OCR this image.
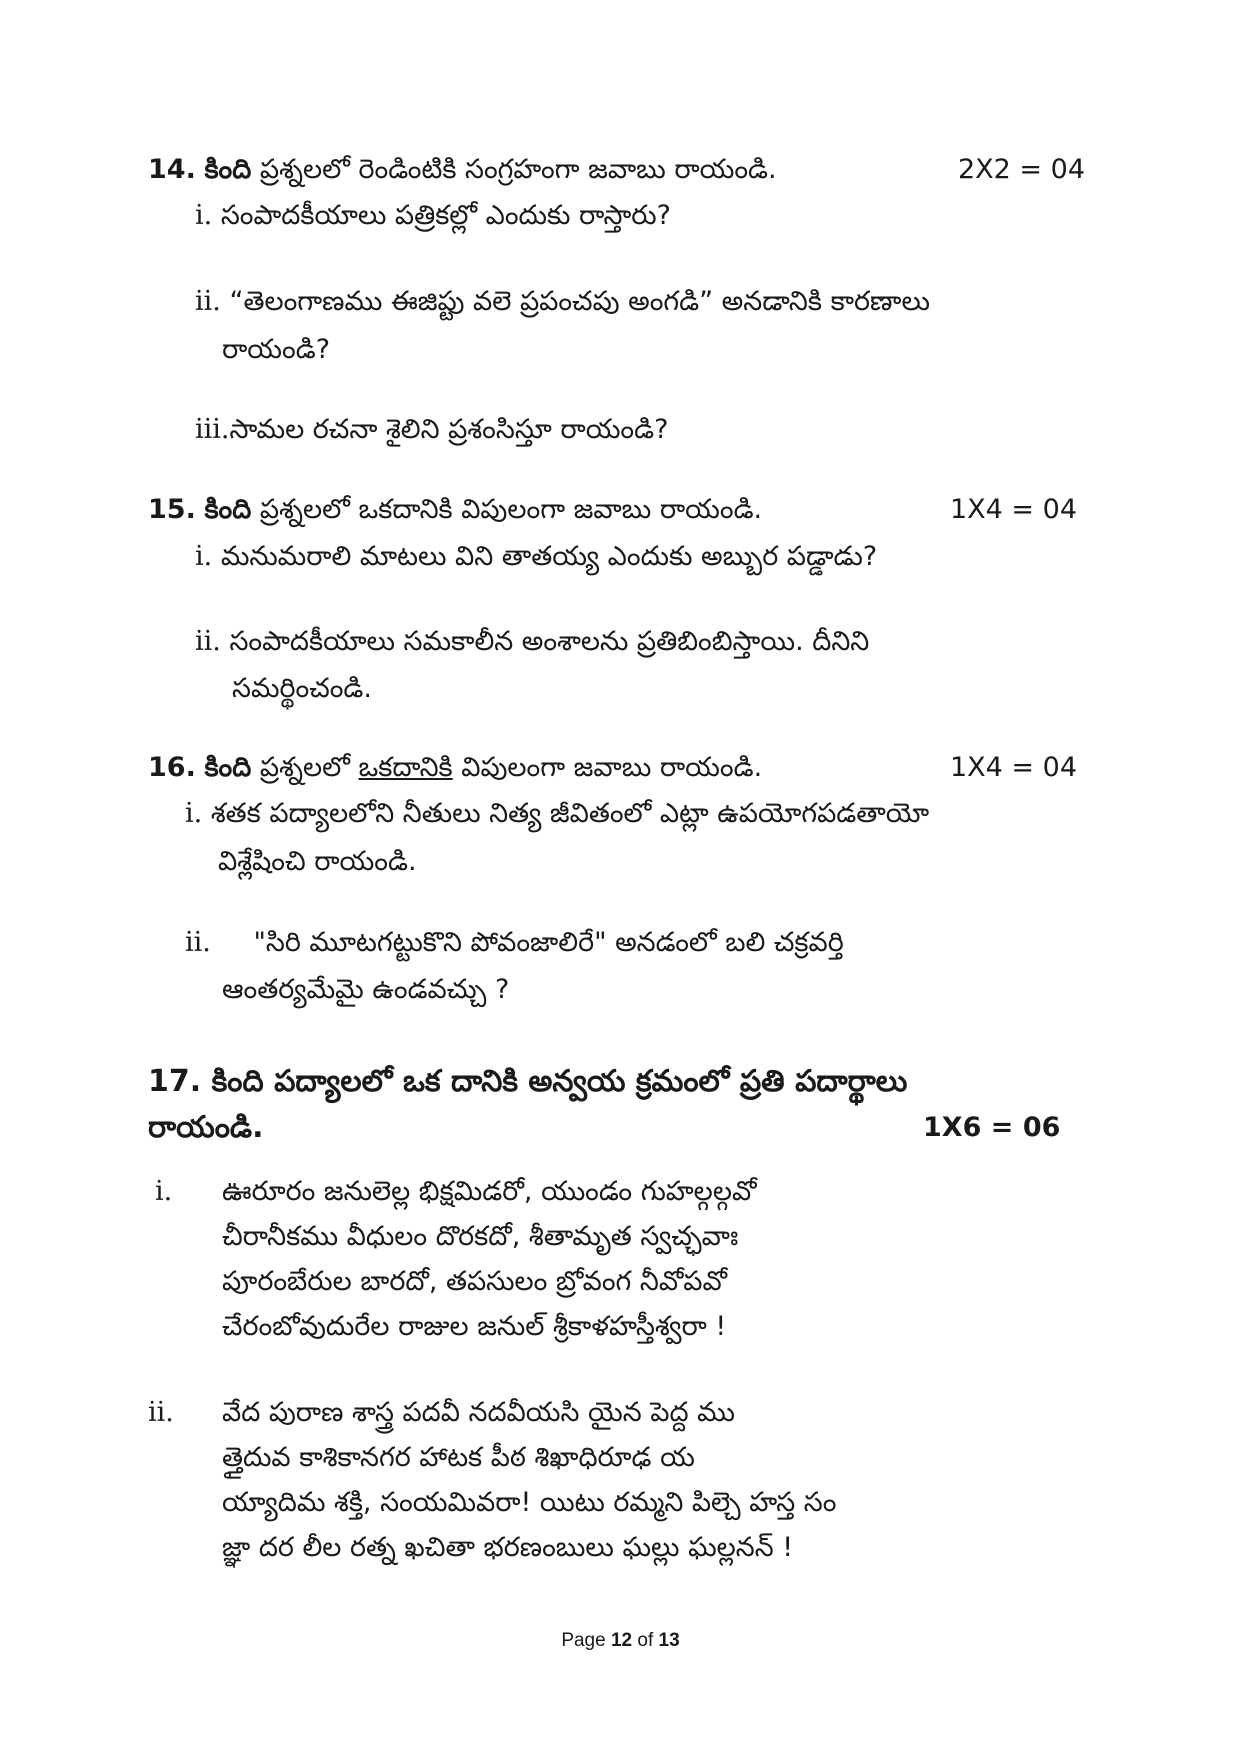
14. కింది ప్రశ్నలలో రెండింటికి సంగ్రహంగా జవాబు రాయండి.	2X2 = 04
i. సంపాదకీయాలు పత్రికల్లో ఎందుకు రాస్తారు?
ii. “తెలంగాణము ఈజిప్టు వలె ప్రపంచపు అంగడి” అనడానికి కారణాలు
రాయండి?
iii.సామల రచనా శైలిని ప్రశంసిస్తూ రాయండి?
15. కింది ప్రశ్నలలో ఒకదానికి విపులంగా జవాబు రాయండి.	1X4 = 04
i. మనుమరాలి మాటలు విని తాతయ్య ఎందుకు అబ్బుర పడ్డాడు?
ii. సంపాదకీయాలు సమకాలీన అంశాలను ప్రతిబింబిస్తాయి. దీనిని
సమర్థించండి.
16. కింది ప్రశ్నలలో ఒకదానికి విపులంగా జవాబు రాయండి.	1X4 = 04
i. శతక పద్యాలలోని నీతులు నిత్య జీవితంలో ఎట్లా ఉపయోగపడతాయో
విశ్లేషించి రాయండి.
ii. "సిరి మూటగట్టుకొని పోవంజాలిరే" అనడంలో బలి చక్రవర్తి
ఆంతర్యమేమై ఉండవచ్చు ?
17. కింది పద్యాలలో ఒక దానికి అన్వయ క్రమంలో ప్రతి పదార్థాలు
రాయండి.	1X6 = 06
i. ఊరూరం జనులెల్ల భిక్షమిడరో, యుండం గుహల్గల్గవో
చీరానీకము వీధులం దొరకదో, శీతామృత స్వచ్ఛవాః
పూరంబేరుల బారదో, తపసులం బ్రోవంగ నీవోపవో
చేరంబోవుదురేల రాజుల జనుల్ శ్రీకాళహస్తీశ్వరా !
ii. వేద పురాణ శాస్త్ర పదవీ నదవీయసి యైన పెద్ద ము
త్తైదువ కాశికానగర హాటక పీఠ శిఖాధిరూఢ య
య్యాదిమ శక్తి, సంయమివరా! యిటు రమ్మని పిల్చె హస్త సం
జ్ఞా దర లీల రత్న ఖచితా భరణంబులు ఘల్లు ఘల్లనన్ !
Page 12 of 13
